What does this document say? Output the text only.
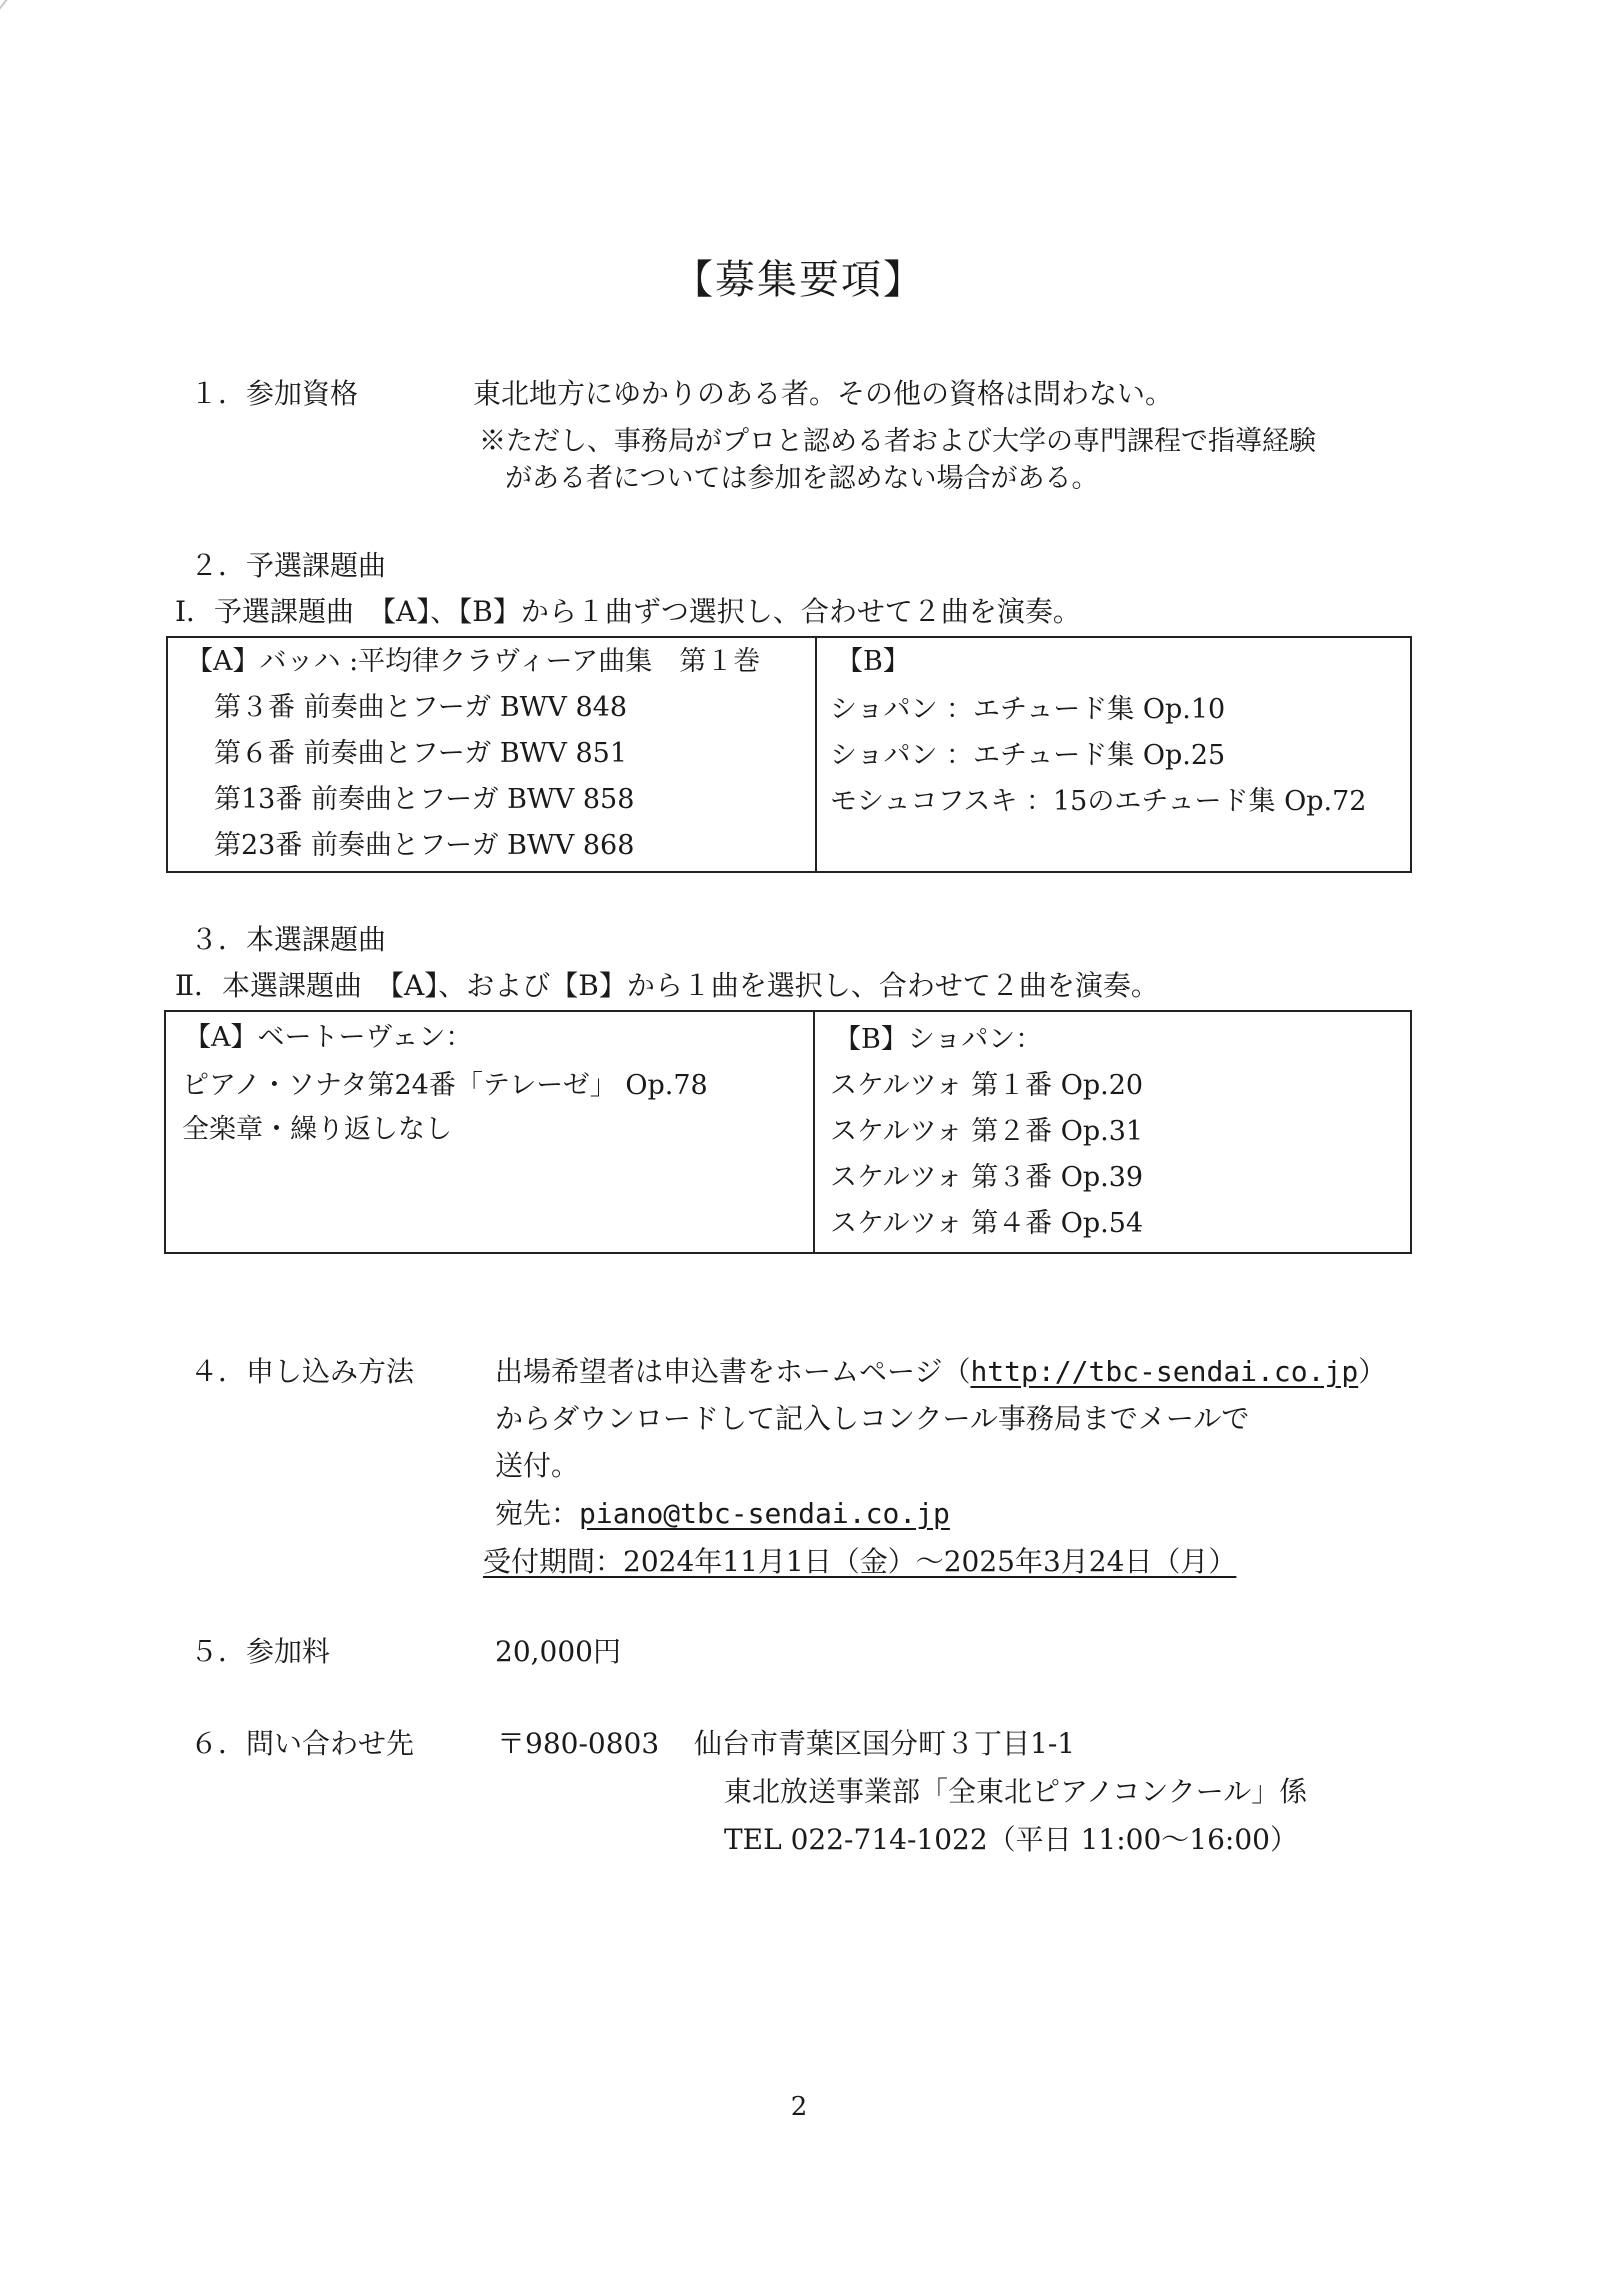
【募集要項】
１．参加資格	東北地方にゆかりのある者。その他の資格は問わない。
※ただし、事務局がプロと認める者および大学の専門課程で指導経験
がある者については参加を認めない場合がある。
２．予選課題曲
Ⅰ．予選課題曲　【A】、【B】から１曲ずつ選択し、合わせて２曲を演奏。
【A】バッハ :平均律クラヴィーア曲集　第１巻
第３番 前奏曲とフーガ BWV 848
第６番 前奏曲とフーガ BWV 851
第13番 前奏曲とフーガ BWV 858
第23番 前奏曲とフーガ BWV 868
【B】
ショパン ：エチュード集 Op.10
ショパン ：エチュード集 Op.25
モシュコフスキ ：15のエチュード集 Op.72
３．本選課題曲
Ⅱ．本選課題曲　【A】、および【B】から１曲を選択し、合わせて２曲を演奏。
【A】ベートーヴェン：
ピアノ・ソナタ第24番「テレーゼ」 Op.78
全楽章・繰り返しなし
【B】ショパン：
スケルツォ 第１番 Op.20
スケルツォ 第２番 Op.31
スケルツォ 第３番 Op.39
スケルツォ 第４番 Op.54
４．申し込み方法	出場希望者は申込書をホームページ（http://tbc-sendai.co.jp）
からダウンロードして記入しコンクール事務局までメールで
送付。
宛先：piano@tbc-sendai.co.jp
受付期間：2024年11月1日（金）～2025年3月24日（月）
５．参加料	20,000円
６．問い合わせ先	〒980-0803 仙台市青葉区国分町３丁目1-1
東北放送事業部「全東北ピアノコンクール」係
TEL 022-714-1022（平日 11:00～16:00）
2
